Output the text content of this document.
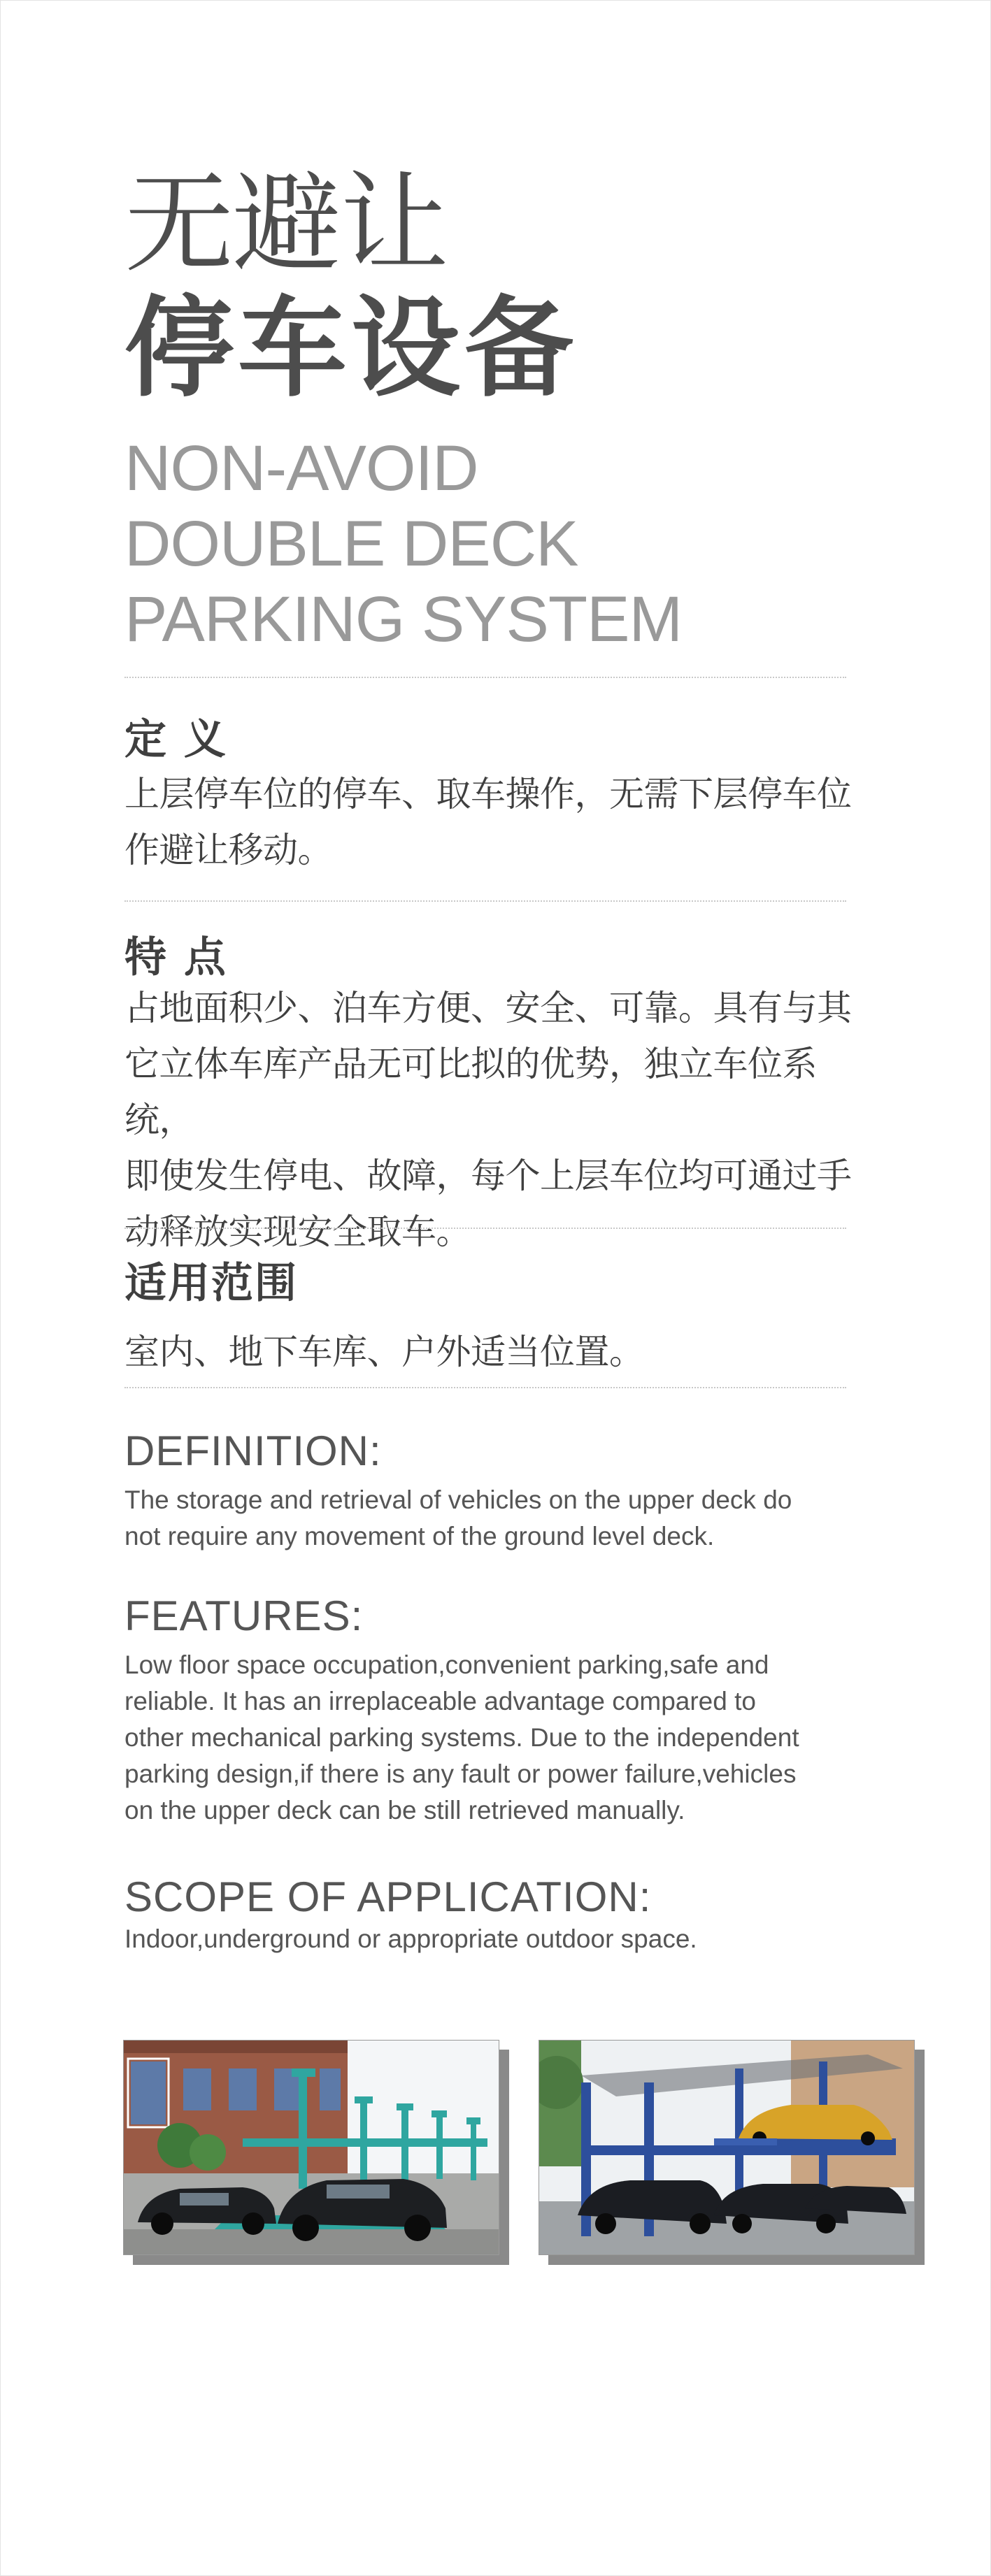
无避让
停车设备
NON-AVOID
DOUBLE DECK
PARKING SYSTEM
定 义
上层停车位的停车、取车操作，无需下层停车位
作避让移动。
特 点
占地面积少、泊车方便、安全、可靠。具有与其
它立体车库产品无可比拟的优势，独立车位系统，
即使发生停电、故障，每个上层车位均可通过手
动释放实现安全取车。
适用范围
室内、地下车库、户外适当位置。
DEFINITION:
The storage and retrieval of vehicles on the upper deck do
not require any movement of the ground level deck.
FEATURES:
Low floor space occupation,convenient parking,safe and
reliable. It has an irreplaceable advantage compared to
other mechanical parking systems. Due to the independent
parking design,if there is any fault or power failure,vehicles
on the upper deck can be still retrieved manually.
SCOPE OF APPLICATION:
Indoor,underground or appropriate outdoor space.
